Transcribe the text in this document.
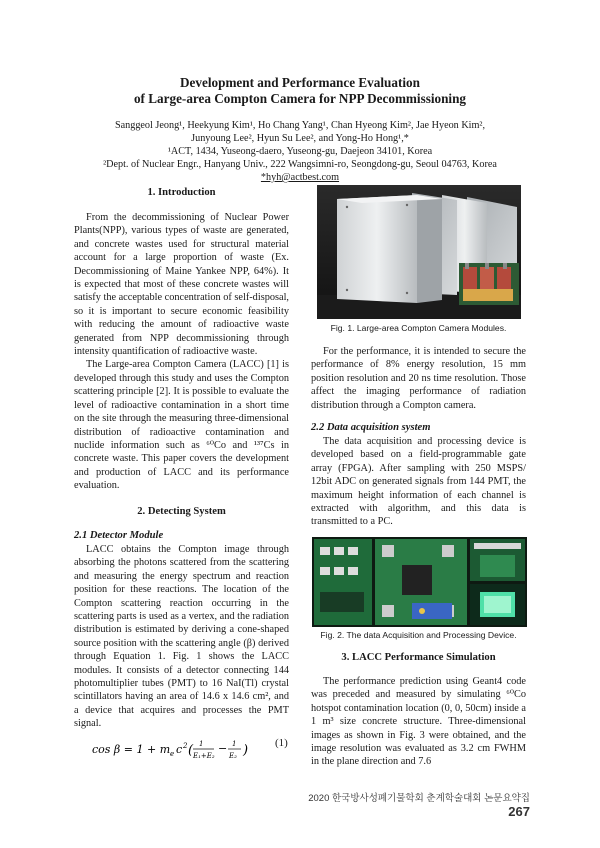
Development and Performance Evaluation
of Large-area Compton Camera for NPP Decommissioning
Sanggeol Jeong¹, Heekyung Kim¹, Ho Chang Yang¹, Chan Hyeong Kim², Jae Hyeon Kim²,
Junyoung Lee², Hyun Su Lee², and Yong-Ho Hong¹,*
¹ACT, 1434, Yuseong-daero, Yuseong-gu, Daejeon 34101, Korea
²Dept. of Nuclear Engr., Hanyang Univ., 222 Wangsimni-ro, Seongdong-gu, Seoul 04763, Korea
*hyh@actbest.com
1. Introduction

From the decommissioning of Nuclear Power Plants(NPP), various types of waste are generated, and concrete wastes used for structural material account for a large proportion of waste (Ex. Decommissioning of Maine Yankee NPP, 64%). It is expected that most of these concrete wastes will satisfy the acceptable concentration of self-disposal, so it is important to secure economic feasibility with reducing the amount of radioactive waste generated from NPP decommissioning through intensity quantification of radioactive waste.

The Large-area Compton Camera (LACC) [1] is developed through this study and uses the Compton scattering principle [2]. It is possible to evaluate the level of radioactive contamination in a short time on the site through the measuring three-dimensional distribution of radioactive contamination and nuclide information such as ⁶⁰Co and ¹³⁷Cs in concrete waste. This paper covers the development and production of LACC and its performance evaluation.

2. Detecting System
2.1 Detector Module

LACC obtains the Compton image through absorbing the photons scattered from the scattering and measuring the energy spectrum and reaction position for these reactions. The location of the Compton scattering reaction occurring in the scattering parts is used as a vertex, and the radiation distribution is estimated by deriving a cone-shaped source position with the scattering angle (β) derived through Equation 1. Fig. 1 shows the LACC modules. It consists of a detector connecting 144 photomultiplier tubes (PMT) to 16 NaI(Tl) crystal scintillators having an area of 14.6 x 14.6 cm², and a device that acquires and processes the PMT signal.

cos β = 1 + m e c 2 ( 1
E₁+E₂
− 1
E₂ ) (1)
Fig. 1. Large-area Compton Camera Modules.

For the performance, it is intended to secure the performance of 8% energy resolution, 15 mm position resolution and 20 ns time resolution. Those affect the imaging performance of radiation distribution through a Compton camera.

2.2 Data acquisition system

The data acquisition and processing device is developed based on a field-programmable gate array (FPGA). After sampling with 250 MSPS/ 12bit ADC on generated signals from 144 PMT, the maximum height information of each channel is extracted with algorithm, and this data is transmitted to a PC.

Fig. 2. The data Acquisition and Processing Device.
3. LACC Performance Simulation

The performance prediction using Geant4 code was preceded and measured by simulating ⁶⁰Co hotspot contamination location (0, 0, 50cm) inside a 1 m³ size concrete structure. Three-dimensional images as shown in Fig. 3 were obtained, and the image resolution was evaluated as 3.2 cm FWHM in the plane direction and 7.6

2020 한국방사성폐기물학회 춘계학술대회 논문요약집267
